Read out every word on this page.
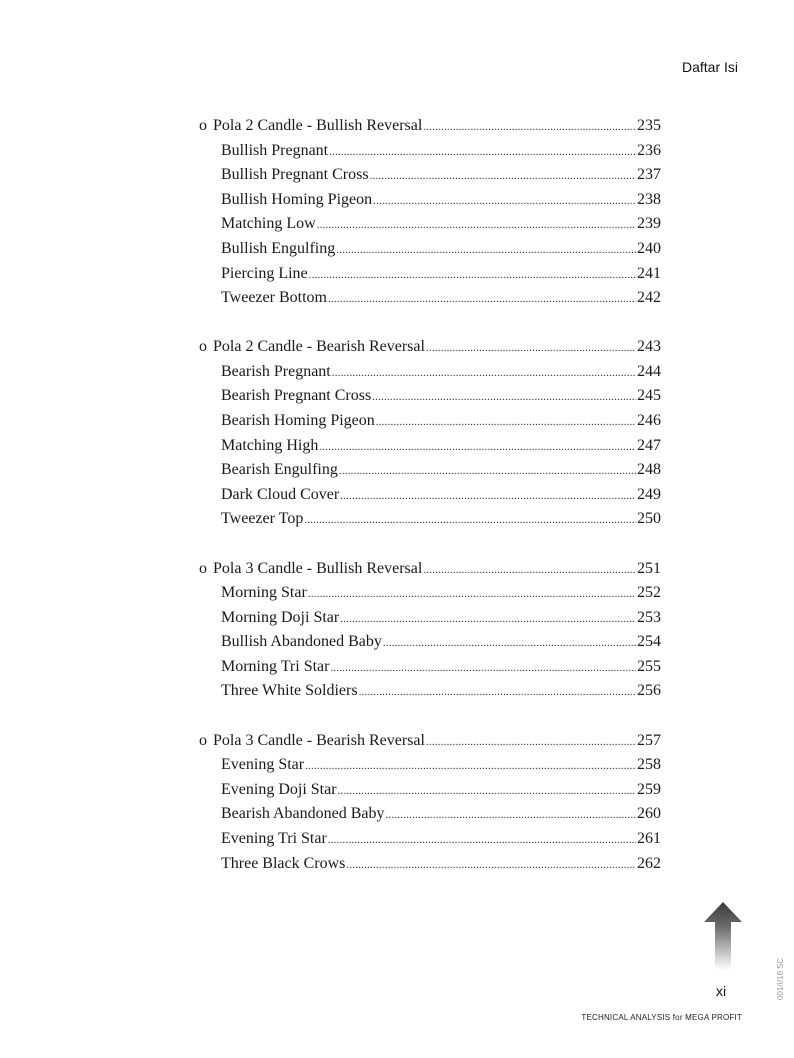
Daftar Isi
o Pola 2 Candle - Bullish Reversal .....	235
Bullish Pregnant .....	236
Bullish Pregnant Cross .....	237
Bullish Homing Pigeon .....	238
Matching Low .....	239
Bullish Engulfing .....	240
Piercing Line .....	241
Tweezer Bottom .....	242
o Pola 2 Candle - Bearish Reversal .....	243
Bearish Pregnant .....	244
Bearish Pregnant Cross .....	245
Bearish Homing Pigeon .....	246
Matching High .....	247
Bearish Engulfing .....	248
Dark Cloud Cover .....	249
Tweezer Top .....	250
o Pola 3 Candle - Bullish Reversal .....	251
Morning Star .....	252
Morning Doji Star .....	253
Bullish Abandoned Baby .....	254
Morning Tri Star .....	255
Three White Soldiers .....	256
o Pola 3 Candle - Bearish Reversal .....	257
Evening Star .....	258
Evening Doji Star .....	259
Bearish Abandoned Baby .....	260
Evening Tri Star .....	261
Three Black Crows .....	262
xi
TECHNICAL ANALYSIS for MEGA PROFIT
001/I/16 SC
